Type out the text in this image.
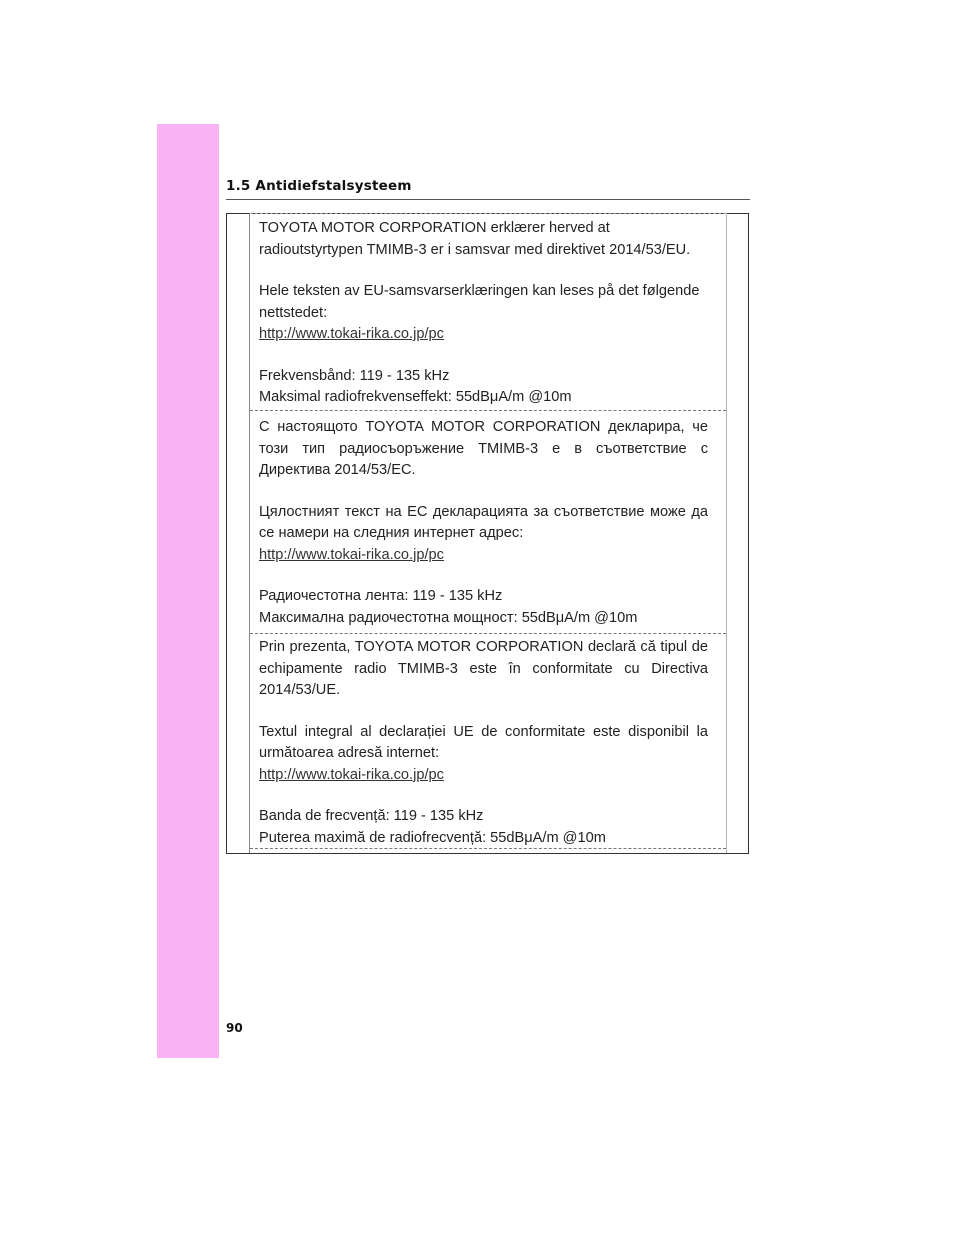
1.5 Antidiefstalsysteem

TOYOTA MOTOR CORPORATION erklærer herved at radioutstyrtypen TMIMB-3 er i samsvar med direktivet 2014/53/EU.

Hele teksten av EU-samsvarserklæringen kan leses på det følgende nettstedet:

http://www.tokai-rika.co.jp/pc

Frekvensbånd: 119 - 135 kHz

Maksimal radiofrekvenseffekt: 55dBμA/m @10m

С настоящото TOYOTA MOTOR CORPORATION декларира, че този тип радиосъоръжение TMIMB-3 е в съответствие с Директива 2014/53/ЕС.

Цялостният текст на ЕС декларацията за съответствие може да се намери на следния интернет адрес:

http://www.tokai-rika.co.jp/pc

Радиочестотна лента: 119 - 135 kHz

Максимална радиочестотна мощност: 55dBμA/m @10m

Prin prezenta, TOYOTA MOTOR CORPORATION declară că tipul de echipamente radio TMIMB-3 este în conformitate cu Directiva 2014/53/UE.

Textul integral al declarației UE de conformitate este disponibil la următoarea adresă internet:

http://www.tokai-rika.co.jp/pc

Banda de frecvență: 119 - 135 kHz

Puterea maximă de radiofrecvență: 55dBμA/m @10m

90
